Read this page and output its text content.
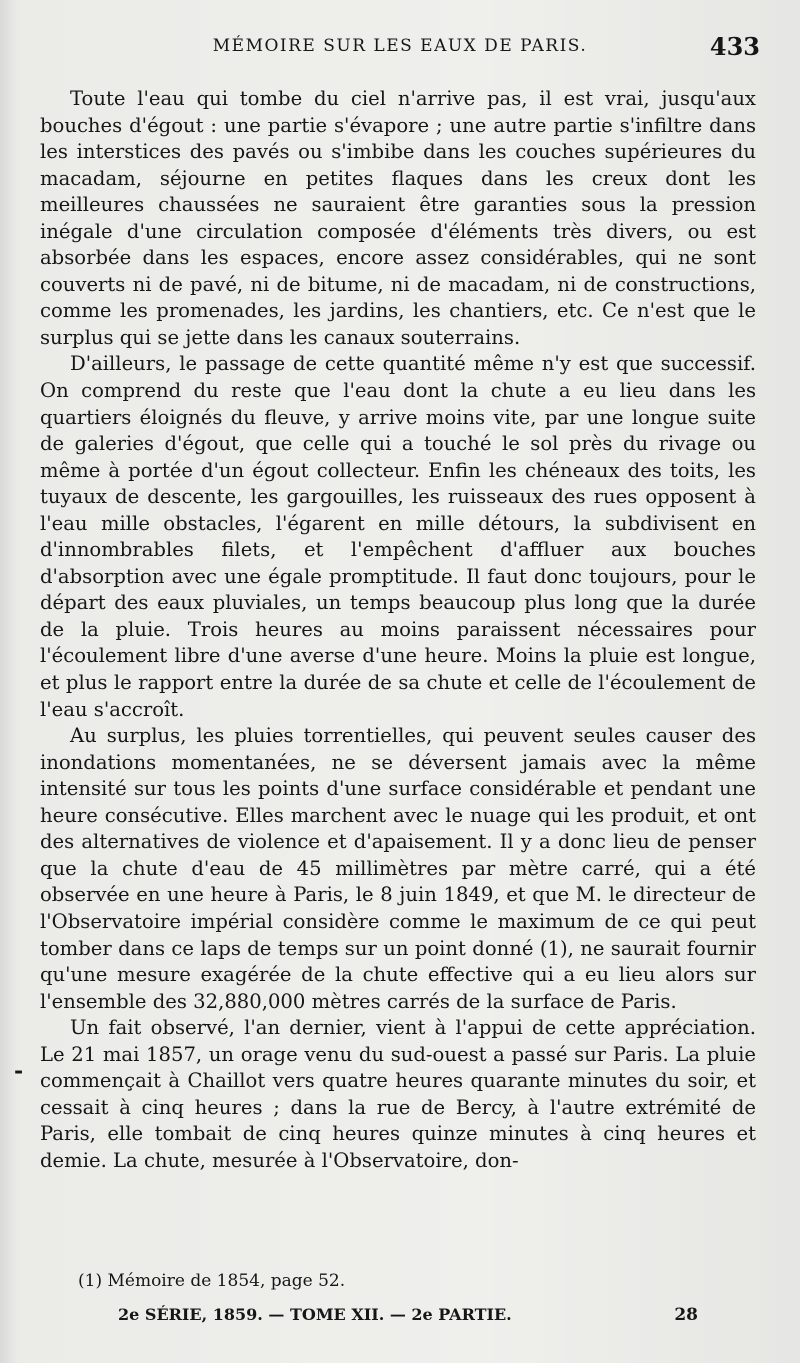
MÉMOIRE SUR LES EAUX DE PARIS.	433
-

Toute l'eau qui tombe du ciel n'arrive pas, il est vrai, jusqu'aux bouches d'égout : une partie s'évapore ; une autre partie s'infiltre dans les interstices des pavés ou s'imbibe dans les couches supérieures du macadam, séjourne en petites flaques dans les creux dont les meilleures chaussées ne sauraient être garanties sous la pression inégale d'une circulation composée d'éléments très divers, ou est absorbée dans les espaces, encore assez considérables, qui ne sont couverts ni de pavé, ni de bitume, ni de macadam, ni de constructions, comme les promenades, les jardins, les chantiers, etc. Ce n'est que le surplus qui se jette dans les canaux souterrains.

D'ailleurs, le passage de cette quantité même n'y est que successif. On comprend du reste que l'eau dont la chute a eu lieu dans les quartiers éloignés du fleuve, y arrive moins vite, par une longue suite de galeries d'égout, que celle qui a touché le sol près du rivage ou même à portée d'un égout collecteur. Enfin les chéneaux des toits, les tuyaux de descente, les gargouilles, les ruisseaux des rues opposent à l'eau mille obstacles, l'égarent en mille détours, la subdivisent en d'innombrables filets, et l'empêchent d'affluer aux bouches d'absorption avec une égale promptitude. Il faut donc toujours, pour le départ des eaux pluviales, un temps beaucoup plus long que la durée de la pluie. Trois heures au moins paraissent nécessaires pour l'écoulement libre d'une averse d'une heure. Moins la pluie est longue, et plus le rapport entre la durée de sa chute et celle de l'écoulement de l'eau s'accroît.

Au surplus, les pluies torrentielles, qui peuvent seules causer des inondations momentanées, ne se déversent jamais avec la même intensité sur tous les points d'une surface considérable et pendant une heure consécutive. Elles marchent avec le nuage qui les produit, et ont des alternatives de violence et d'apaisement. Il y a donc lieu de penser que la chute d'eau de 45 millimètres par mètre carré, qui a été observée en une heure à Paris, le 8 juin 1849, et que M. le directeur de l'Observatoire impérial considère comme le maximum de ce qui peut tomber dans ce laps de temps sur un point donné (1), ne saurait fournir qu'une mesure exagérée de la chute effective qui a eu lieu alors sur l'ensemble des 32,880,000 mètres carrés de la surface de Paris.

Un fait observé, l'an dernier, vient à l'appui de cette appréciation. Le 21 mai 1857, un orage venu du sud-ouest a passé sur Paris. La pluie commençait à Chaillot vers quatre heures quarante minutes du soir, et cessait à cinq heures ; dans la rue de Bercy, à l'autre extrémité de Paris, elle tombait de cinq heures quinze minutes à cinq heures et demie. La chute, mesurée à l'Observatoire, don-

(1) Mémoire de 1854, page 52.
2e SÉRIE, 1859. — TOME XII. — 2e PARTIE.	28
